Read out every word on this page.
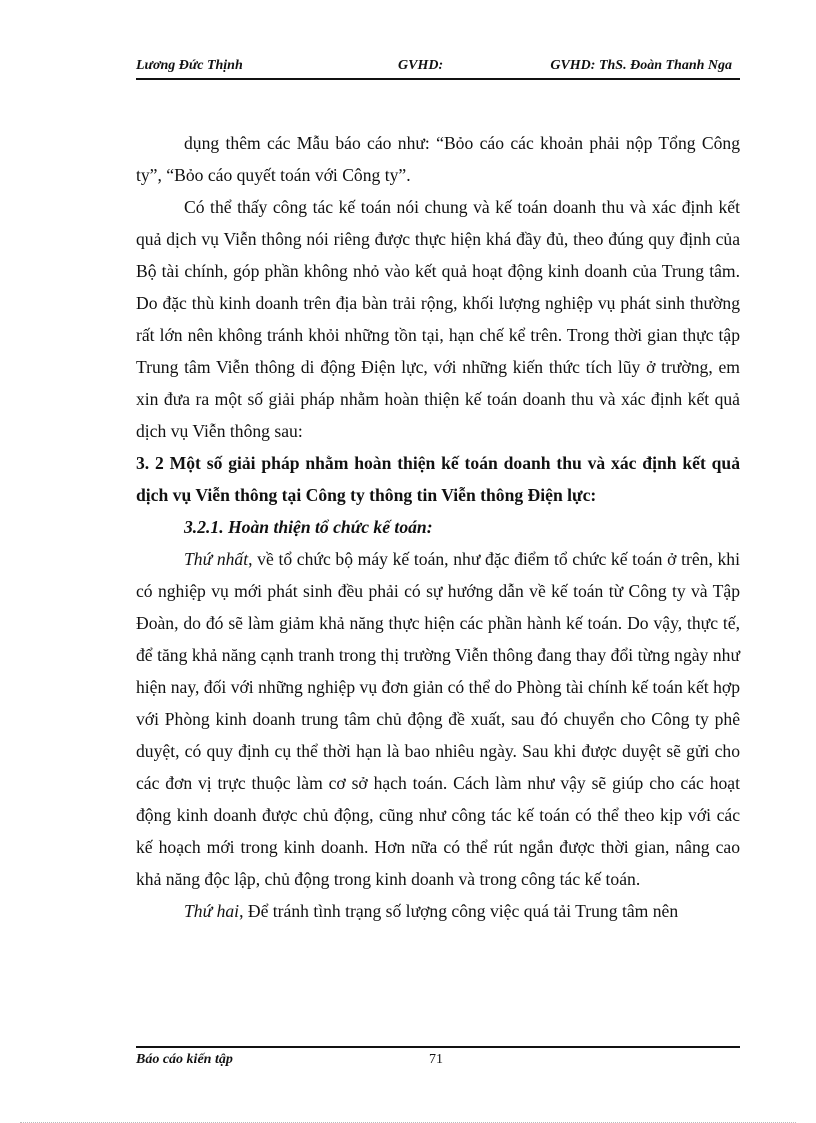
Lương Đức Thịnh	GVHD:	GVHD: ThS. Đoàn Thanh Nga

dụng thêm các Mẫu báo cáo như: “Bỏo cáo các khoản phải nộp Tổng Công ty”, “Bỏo cáo quyết toán với Công ty”.

Có thể thấy công tác kế toán nói chung và kế toán doanh thu và xác định kết quả dịch vụ Viễn thông nói riêng được thực hiện khá đầy đủ, theo đúng quy định của Bộ tài chính, góp phần không nhỏ vào kết quả hoạt động kinh doanh của Trung tâm. Do đặc thù kinh doanh trên địa bàn trải rộng, khối lượng nghiệp vụ phát sinh thường rất lớn nên không tránh khỏi những tồn tại, hạn chế kể trên. Trong thời gian thực tập Trung tâm Viễn thông di động Điện lực, với những kiến thức tích lũy ở trường, em xin đưa ra một số giải pháp nhằm hoàn thiện kế toán doanh thu và xác định kết quả dịch vụ Viễn thông sau:

3. 2 Một số giải pháp nhằm hoàn thiện kế toán doanh thu và xác định kết quả dịch vụ Viễn thông tại Công ty thông tin Viễn thông Điện lực:

3.2.1. Hoàn thiện tổ chức kế toán:

Thứ nhất, về tổ chức bộ máy kế toán, như đặc điểm tổ chức kế toán ở trên, khi có nghiệp vụ mới phát sinh đều phải có sự hướng dẫn về kế toán từ Công ty và Tập Đoàn, do đó sẽ làm giảm khả năng thực hiện các phần hành kế toán. Do vậy, thực tế, để tăng khả năng cạnh tranh trong thị trường Viễn thông đang thay đổi từng ngày như hiện nay, đối với những nghiệp vụ đơn giản có thể do Phòng tài chính kế toán kết hợp với Phòng kinh doanh trung tâm chủ động đề xuất, sau đó chuyển cho Công ty phê duyệt, có quy định cụ thể thời hạn là bao nhiêu ngày. Sau khi được duyệt sẽ gửi cho các đơn vị trực thuộc làm cơ sở hạch toán. Cách làm như vậy sẽ giúp cho các hoạt động kinh doanh được chủ động, cũng như công tác kế toán có thể theo kịp với các kế hoạch mới trong kinh doanh. Hơn nữa có thể rút ngắn được thời gian, nâng cao khả năng độc lập, chủ động trong kinh doanh và trong công tác kế toán.

Thứ hai, Để tránh tình trạng số lượng công việc quá tải Trung tâm nên

Báo cáo kiến tập	71
